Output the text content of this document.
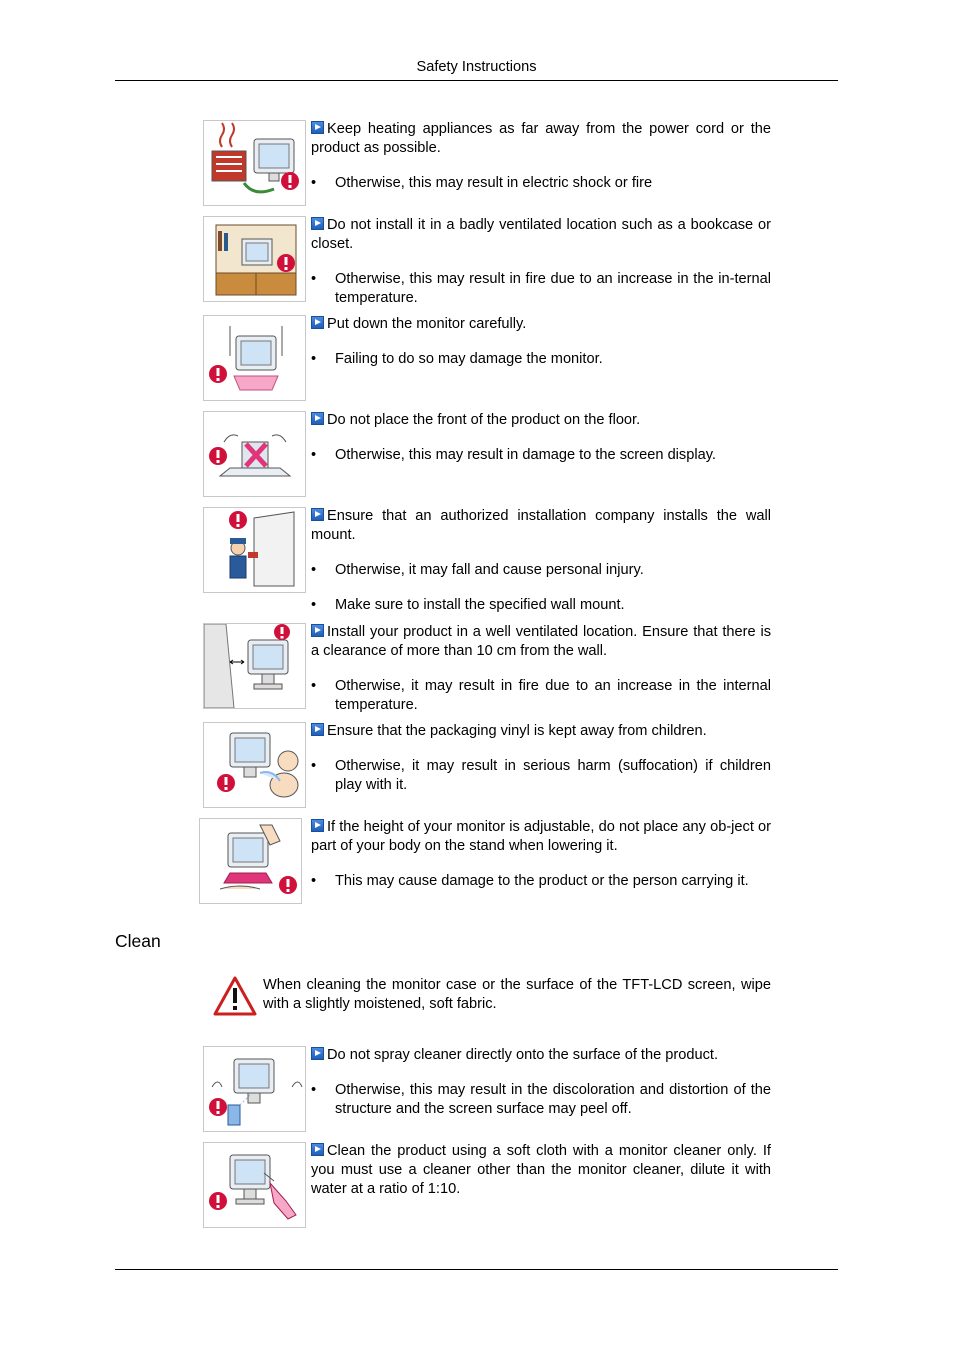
Safety Instructions

Keep heating appliances as far away from the power cord or the product as possible.

• Otherwise, this may result in electric shock or fire

Do not install it in a badly ventilated location such as a bookcase or closet.

• Otherwise, this may result in fire due to an increase in the in-ternal temperature.

Put down the monitor carefully.

• Failing to do so may damage the monitor.

Do not place the front of the product on the floor.

• Otherwise, this may result in damage to the screen display.

Ensure that an authorized installation company installs the wall mount.

• Otherwise, it may fall and cause personal injury.
• Make sure to install the specified wall mount.

Install your product in a well ventilated location. Ensure that there is a clearance of more than 10 cm from the wall.

• Otherwise, it may result in fire due to an increase in the internal temperature.

Ensure that the packaging vinyl is kept away from children.

• Otherwise, it may result in serious harm (suffocation) if children play with it.

If the height of your monitor is adjustable, do not place any ob-ject or part of your body on the stand when lowering it.

• This may cause damage to the product or the person carrying it.
Clean

When cleaning the monitor case or the surface of the TFT-LCD screen, wipe with a slightly moistened, soft fabric.

Do not spray cleaner directly onto the surface of the product.

• Otherwise, this may result in the discoloration and distortion of the structure and the screen surface may peel off.

Clean the product using a soft cloth with a monitor cleaner only. If you must use a cleaner other than the monitor cleaner, dilute it with water at a ratio of 1:10.
